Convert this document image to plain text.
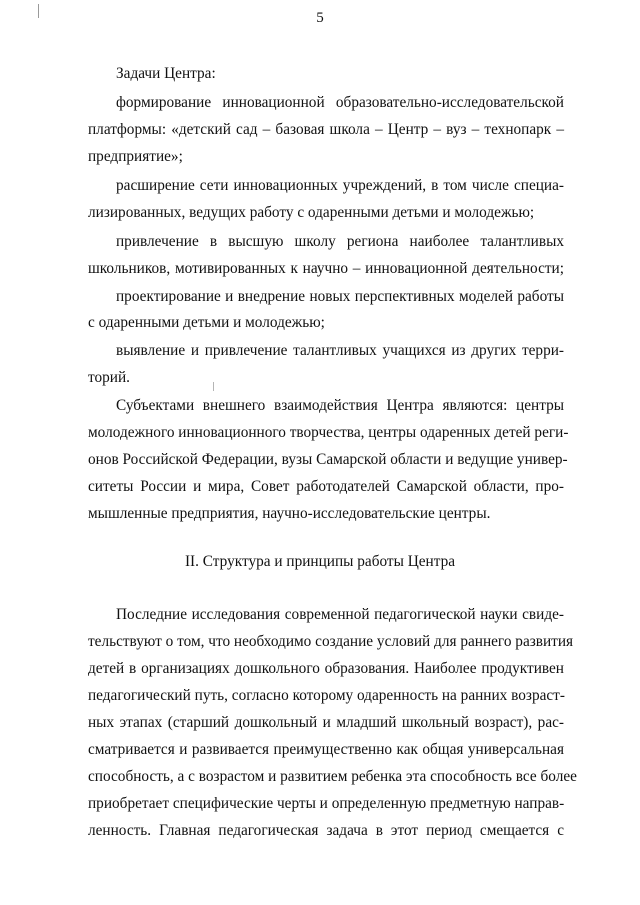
5
Задачи Центра:
формирование инновационной образовательно-исследовательской
платформы: «детский сад – базовая школа – Центр – вуз – технопарк –
предприятие»;
расширение сети инновационных учреждений, в том числе специа-
лизированных, ведущих работу с одаренными детьми и молодежью;
привлечение в высшую школу региона наиболее талантливых
школьников, мотивированных к научно – инновационной деятельности;
проектирование и внедрение новых перспективных моделей работы
с одаренными детьми и молодежью;
выявление и привлечение талантливых учащихся из других терри-
торий.
Субъектами внешнего взаимодействия Центра являются: центры
молодежного инновационного творчества, центры одаренных детей реги-
онов Российской Федерации, вузы Самарской области и ведущие универ-
ситеты России и мира, Совет работодателей Самарской области, про-
мышленные предприятия, научно-исследовательские центры.
II. Структура и принципы работы Центра
Последние исследования современной педагогической науки свиде-
тельствуют о том, что необходимо создание условий для раннего развития
детей в организациях дошкольного образования. Наиболее продуктивен
педагогический путь, согласно которому одаренность на ранних возраст-
ных этапах (старший дошкольный и младший школьный возраст), рас-
сматривается и развивается преимущественно как общая универсальная
способность, а с возрастом и развитием ребенка эта способность все более
приобретает специфические черты и определенную предметную направ-
ленность. Главная педагогическая задача в этот период смещается с
